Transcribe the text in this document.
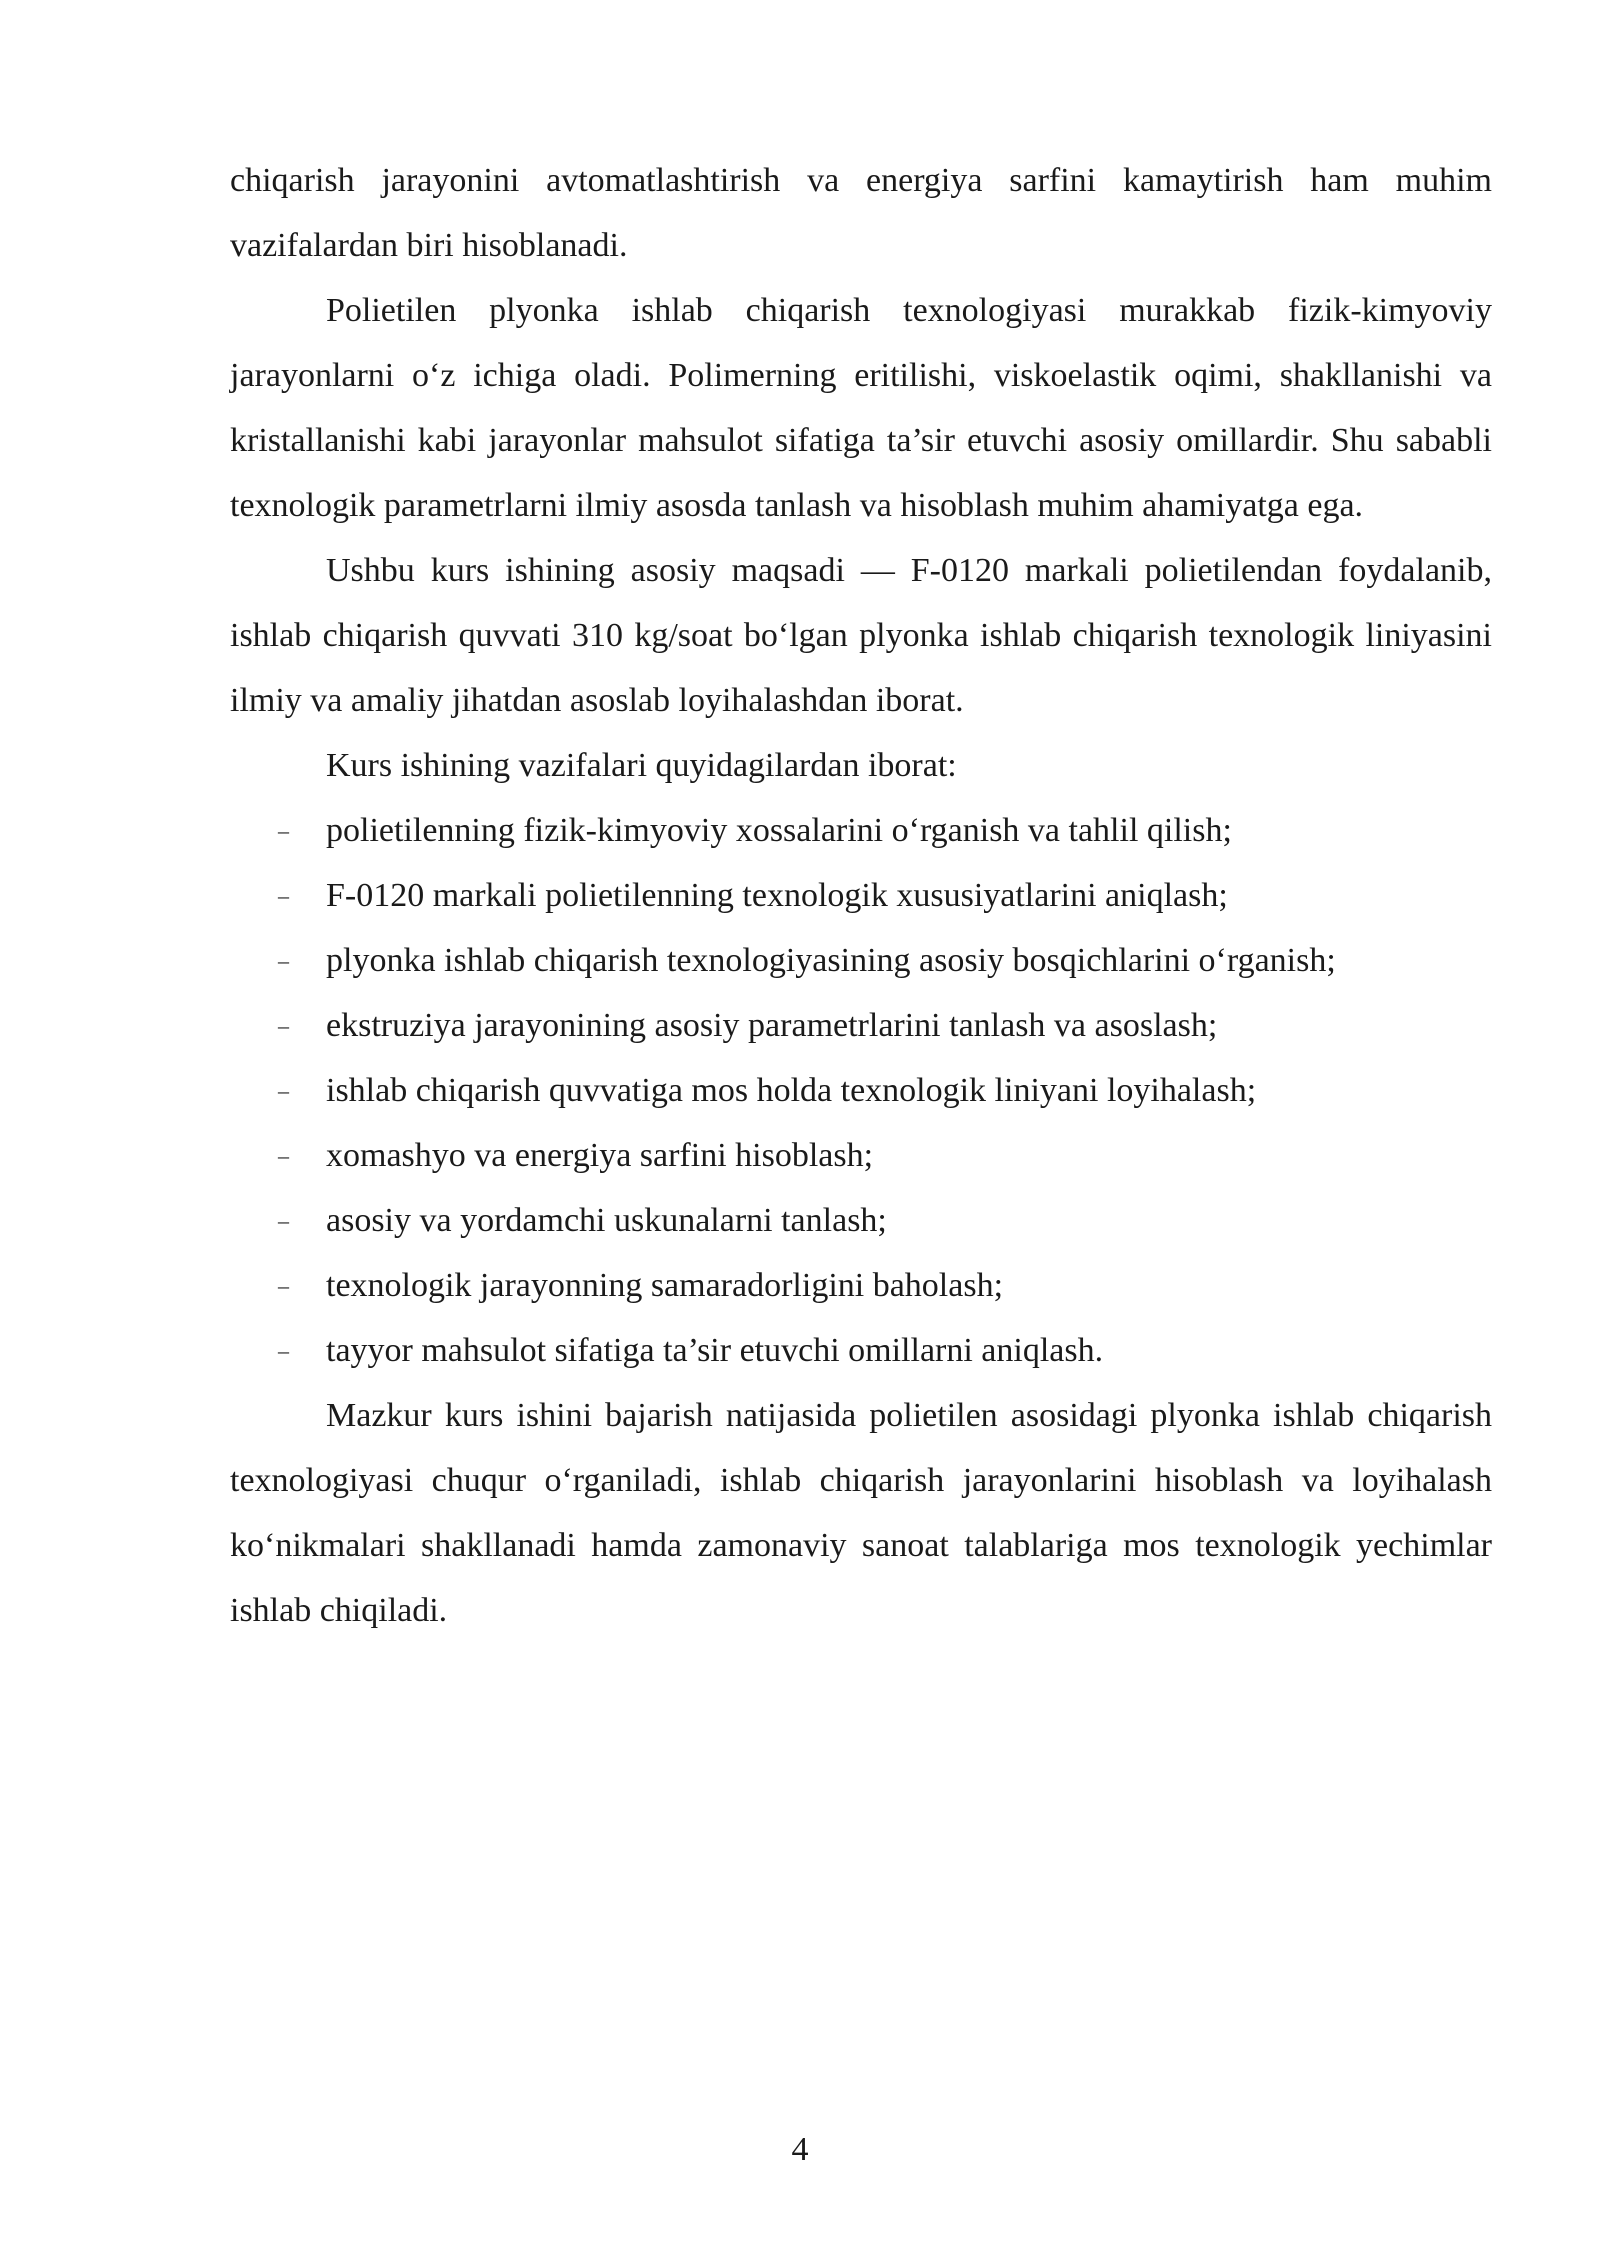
chiqarish jarayonini avtomatlashtirish va energiya sarfini kamaytirish ham muhim vazifalardan biri hisoblanadi.

Polietilen plyonka ishlab chiqarish texnologiyasi murakkab fizik-kimyoviy jarayonlarni o‘z ichiga oladi. Polimerning eritilishi, viskoelastik oqimi, shakllanishi va kristallanishi kabi jarayonlar mahsulot sifatiga ta’sir etuvchi asosiy omillardir. Shu sababli texnologik parametrlarni ilmiy asosda tanlash va hisoblash muhim ahamiyatga ega.

Ushbu kurs ishining asosiy maqsadi — F-0120 markali polietilendan foydalanib, ishlab chiqarish quvvati 310 kg/soat bo‘lgan plyonka ishlab chiqarish texnologik liniyasini ilmiy va amaliy jihatdan asoslab loyihalashdan iborat.

Kurs ishining vazifalari quyidagilardan iborat:

– polietilenning fizik-kimyoviy xossalarini o‘rganish va tahlil qilish;
– F-0120 markali polietilenning texnologik xususiyatlarini aniqlash;
– plyonka ishlab chiqarish texnologiyasining asosiy bosqichlarini o‘rganish;
– ekstruziya jarayonining asosiy parametrlarini tanlash va asoslash;
– ishlab chiqarish quvvatiga mos holda texnologik liniyani loyihalash;
– xomashyo va energiya sarfini hisoblash;
– asosiy va yordamchi uskunalarni tanlash;
– texnologik jarayonning samaradorligini baholash;
– tayyor mahsulot sifatiga ta’sir etuvchi omillarni aniqlash.

Mazkur kurs ishini bajarish natijasida polietilen asosidagi plyonka ishlab chiqarish texnologiyasi chuqur o‘rganiladi, ishlab chiqarish jarayonlarini hisoblash va loyihalash ko‘nikmalari shakllanadi hamda zamonaviy sanoat talablariga mos texnologik yechimlar ishlab chiqiladi.

4
